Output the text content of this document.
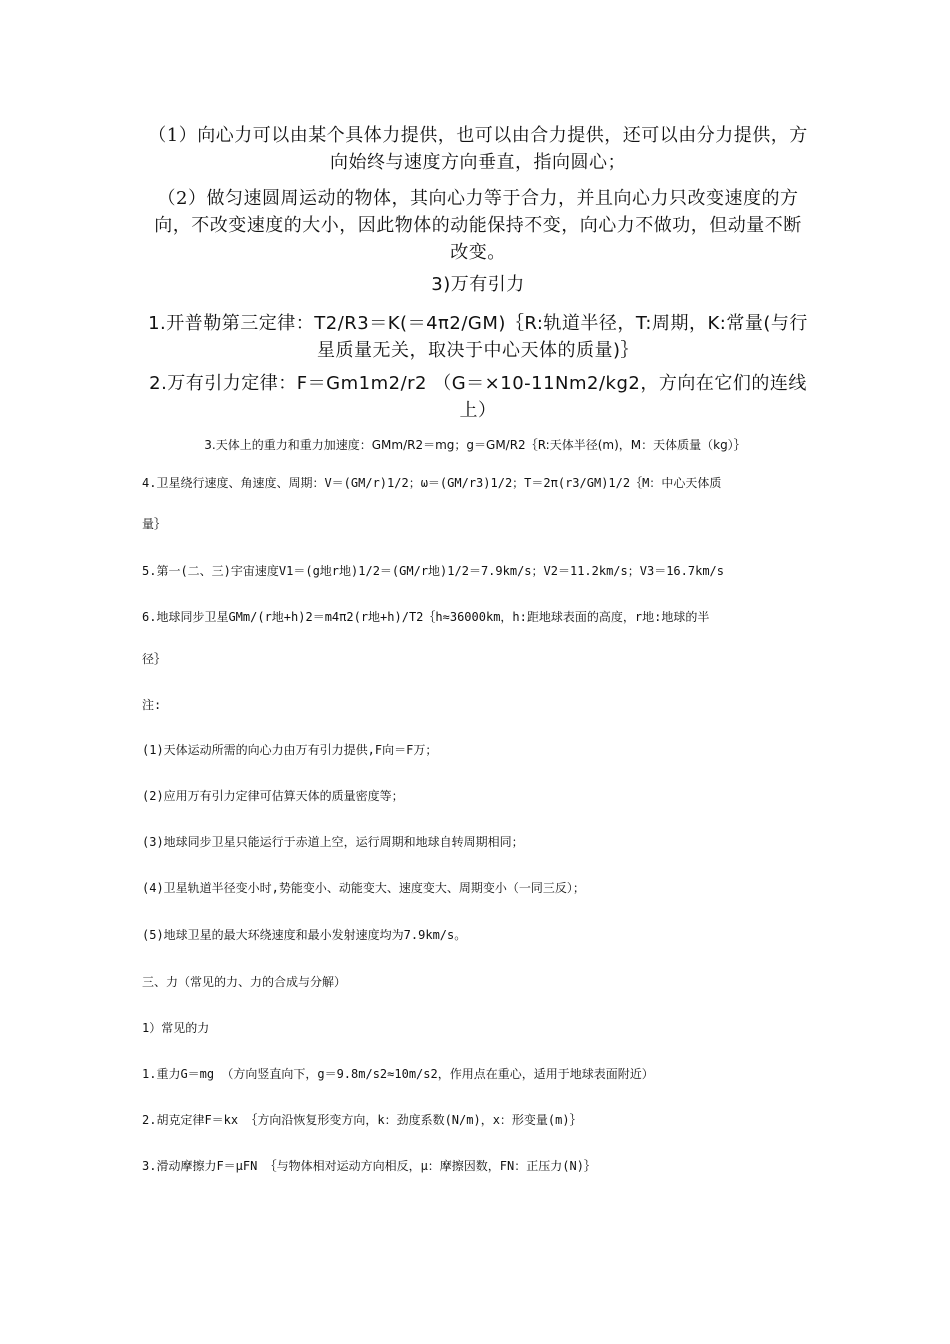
（1）向心力可以由某个具体力提供，也可以由合力提供，还可以由分力提供，方向始终与速度方向垂直，指向圆心；

（2）做匀速圆周运动的物体，其向心力等于合力，并且向心力只改变速度的方向，不改变速度的大小，因此物体的动能保持不变，向心力不做功，但动量不断改变。

3)万有引力

1.开普勒第三定律：T2/R3＝K(＝4π2/GM)｛R:轨道半径，T:周期，K:常量(与行星质量无关，取决于中心天体的质量)｝

2.万有引力定律：F＝Gm1m2/r2 （G＝×10-11Nm2/kg2，方向在它们的连线上）

3.天体上的重力和重力加速度：GMm/R2＝mg；g＝GM/R2｛R:天体半径(m)，M：天体质量（kg）｝

4.卫星绕行速度、角速度、周期：V＝(GM/r)1/2；ω＝(GM/r3)1/2；T＝2π(r3/GM)1/2｛M：中心天体质

量｝

5.第一(二、三)宇宙速度V1＝(g地r地)1/2＝(GM/r地)1/2＝7.9km/s；V2＝11.2km/s；V3＝16.7km/s

6.地球同步卫星GMm/(r地+h)2＝m4π2(r地+h)/T2｛h≈36000km，h:距地球表面的高度，r地:地球的半

径｝

注:

(1)天体运动所需的向心力由万有引力提供,F向＝F万；

(2)应用万有引力定律可估算天体的质量密度等；

(3)地球同步卫星只能运行于赤道上空，运行周期和地球自转周期相同；

(4)卫星轨道半径变小时,势能变小、动能变大、速度变大、周期变小（一同三反）；

(5)地球卫星的最大环绕速度和最小发射速度均为7.9km/s。

三、力（常见的力、力的合成与分解）

1）常见的力

1.重力G＝mg （方向竖直向下，g＝9.8m/s2≈10m/s2，作用点在重心，适用于地球表面附近）

2.胡克定律F＝kx ｛方向沿恢复形变方向，k：劲度系数(N/m)，x：形变量(m)｝

3.滑动摩擦力F＝μFN ｛与物体相对运动方向相反，μ：摩擦因数，FN：正压力(N)｝
